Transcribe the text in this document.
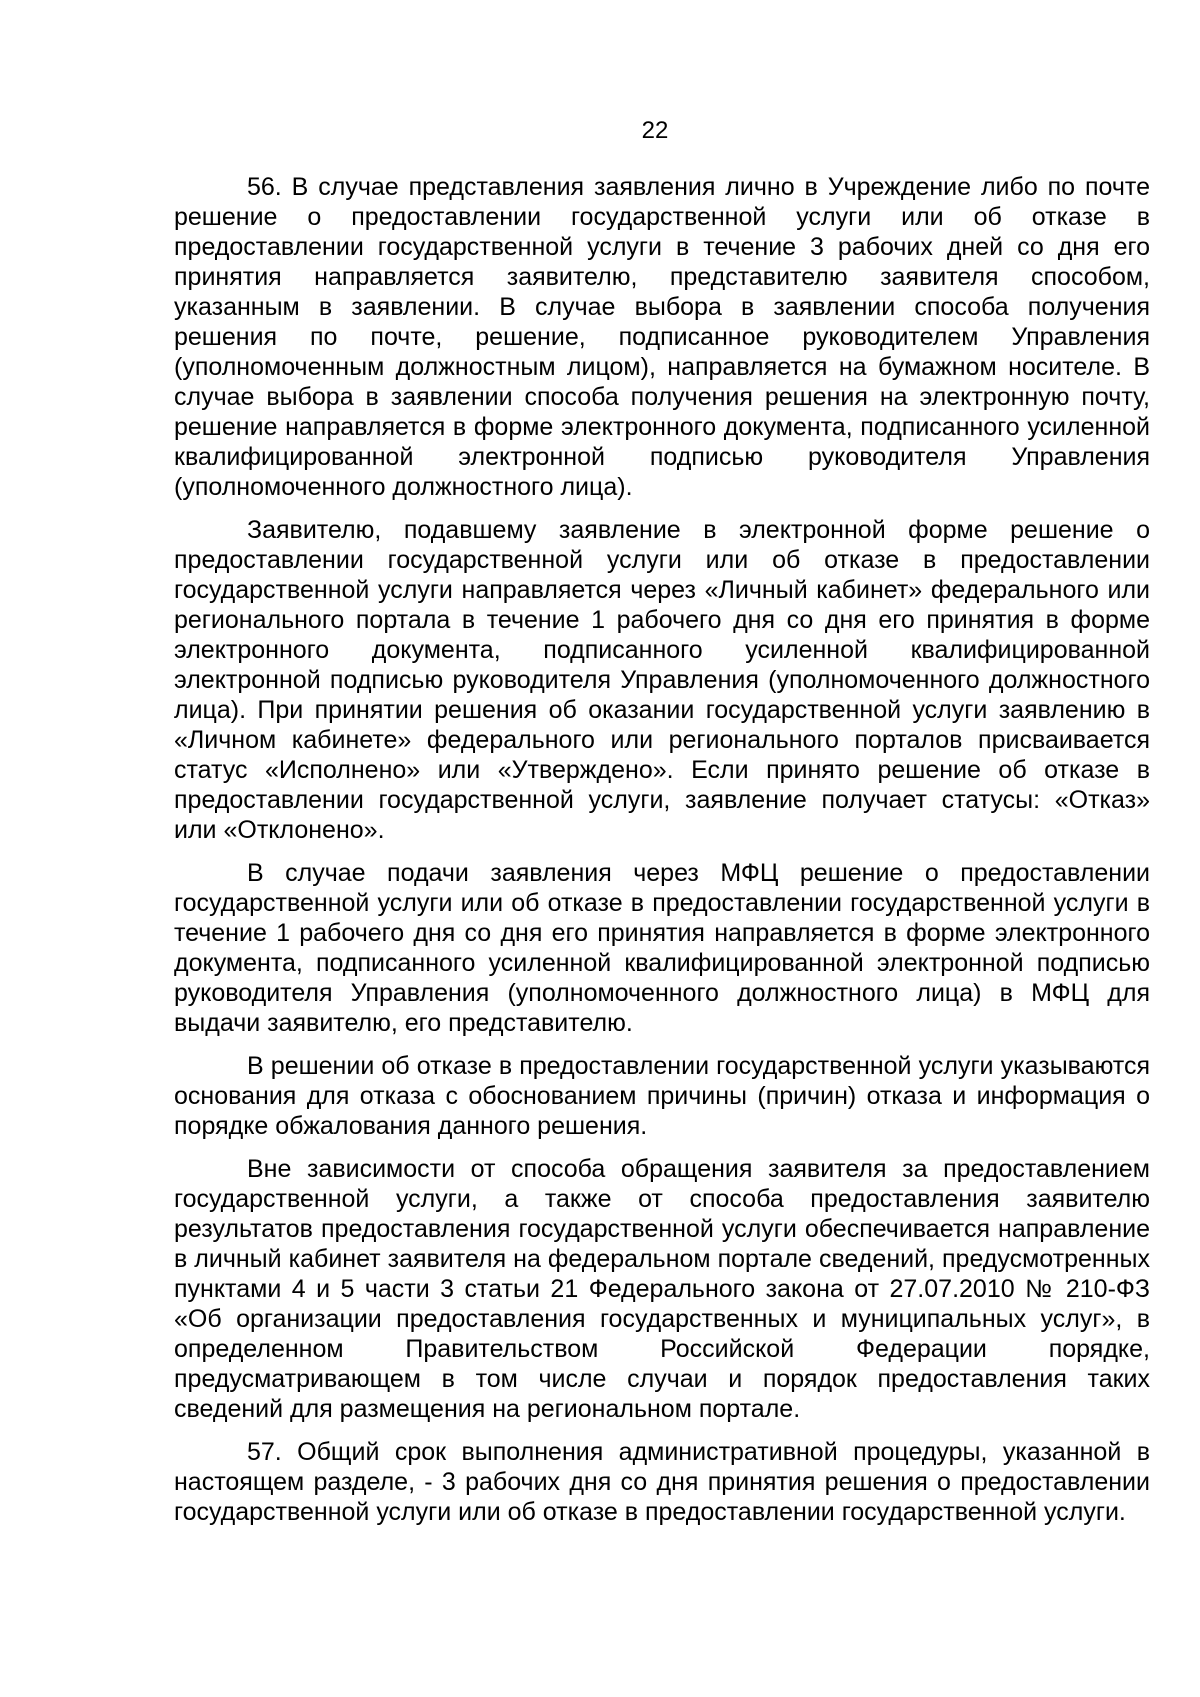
22

56. В случае представления заявления лично в Учреждение либо по почте решение о предоставлении государственной услуги или об отказе в предоставлении государственной услуги в течение 3 рабочих дней со дня его принятия направляется заявителю, представителю заявителя способом, указанным в заявлении. В случае выбора в заявлении способа получения решения по почте, решение, подписанное руководителем Управления (уполномоченным должностным лицом), направляется на бумажном носителе. В случае выбора в заявлении способа получения решения на электронную почту, решение направляется в форме электронного документа, подписанного усиленной квалифицированной электронной подписью руководителя Управления (уполномоченного должностного лица).

Заявителю, подавшему заявление в электронной форме решение о предоставлении государственной услуги или об отказе в предоставлении государственной услуги направляется через «Личный кабинет» федерального или регионального портала в течение 1 рабочего дня со дня его принятия в форме электронного документа, подписанного усиленной квалифицированной электронной подписью руководителя Управления (уполномоченного должностного лица). При принятии решения об оказании государственной услуги заявлению в «Личном кабинете» федерального или регионального порталов присваивается статус «Исполнено» или «Утверждено». Если принято решение об отказе в предоставлении государственной услуги, заявление получает статусы: «Отказ» или «Отклонено».

В случае подачи заявления через МФЦ решение о предоставлении государственной услуги или об отказе в предоставлении государственной услуги в течение 1 рабочего дня со дня его принятия направляется в форме электронного документа, подписанного усиленной квалифицированной электронной подписью руководителя Управления (уполномоченного должностного лица) в МФЦ для выдачи заявителю, его представителю.

В решении об отказе в предоставлении государственной услуги указываются основания для отказа с обоснованием причины (причин) отказа и информация о порядке обжалования данного решения.

Вне зависимости от способа обращения заявителя за предоставлением государственной услуги, а также от способа предоставления заявителю результатов предоставления государственной услуги обеспечивается направление в личный кабинет заявителя на федеральном портале сведений, предусмотренных пунктами 4 и 5 части 3 статьи 21 Федерального закона от 27.07.2010 № 210-ФЗ «Об организации предоставления государственных и муниципальных услуг», в определенном Правительством Российской Федерации порядке, предусматривающем в том числе случаи и порядок предоставления таких сведений для размещения на региональном портале.

57. Общий срок выполнения административной процедуры, указанной в настоящем разделе, - 3 рабочих дня со дня принятия решения о предоставлении государственной услуги или об отказе в предоставлении государственной услуги.
